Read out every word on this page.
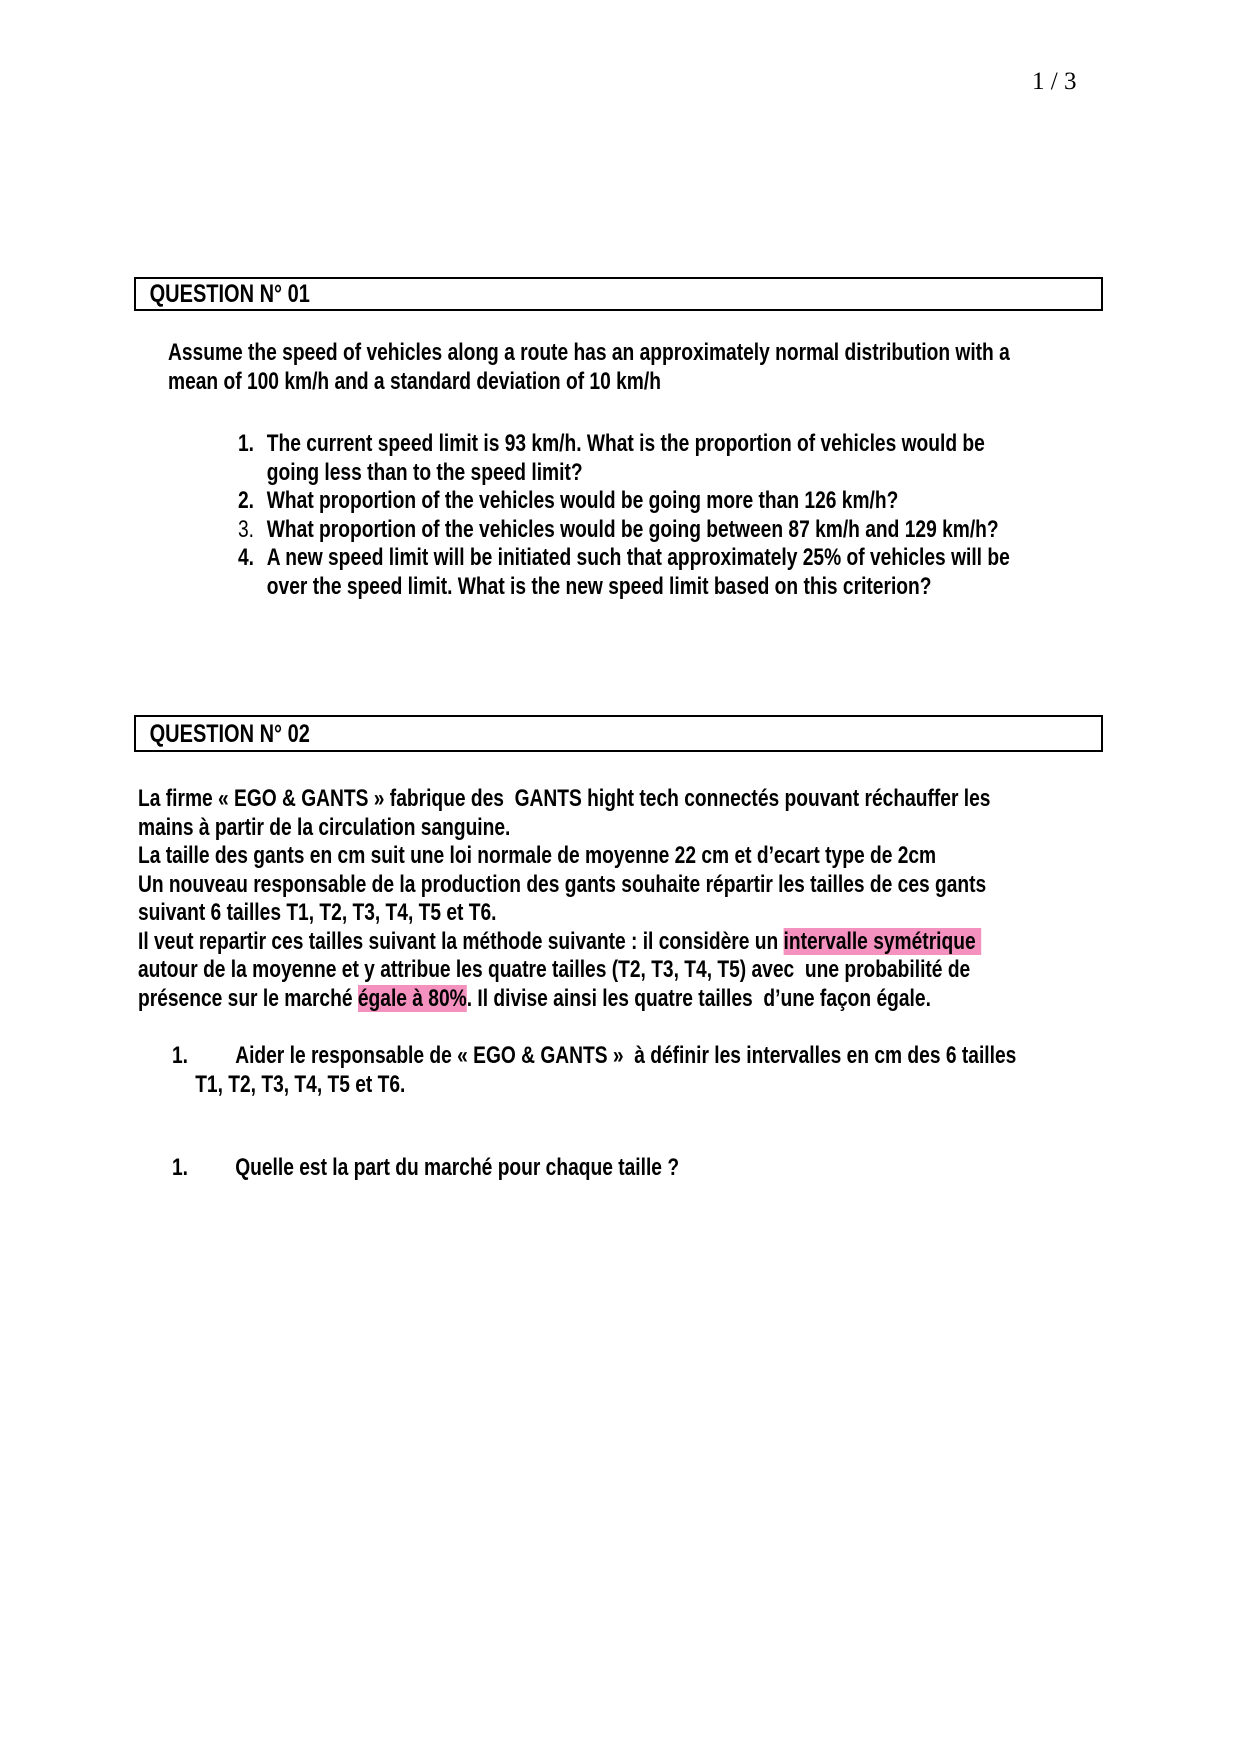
1 / 3
QUESTION N° 01
Assume the speed of vehicles along a route has an approximately normal distribution with a
mean of 100 km/h and a standard deviation of 10 km/h
1. The current speed limit is 93 km/h. What is the proportion of vehicles would be
going less than to the speed limit?
2. What proportion of the vehicles would be going more than 126 km/h?
3. What proportion of the vehicles would be going between 87 km/h and 129 km/h?
4. A new speed limit will be initiated such that approximately 25% of vehicles will be
over the speed limit. What is the new speed limit based on this criterion?
QUESTION N° 02
La firme « EGO & GANTS » fabrique des  GANTS hight tech connectés pouvant réchauffer les
mains à partir de la circulation sanguine.
La taille des gants en cm suit une loi normale de moyenne 22 cm et d’ecart type de 2cm
Un nouveau responsable de la production des gants souhaite répartir les tailles de ces gants
suivant 6 tailles T1, T2, T3, T4, T5 et T6.
Il veut repartir ces tailles suivant la méthode suivante : il considère un intervalle symétrique
autour de la moyenne et y attribue les quatre tailles (T2, T3, T4, T5) avec  une probabilité de
présence sur le marché égale à 80%. Il divise ainsi les quatre tailles  d’une façon égale.
1. Aider le responsable de « EGO & GANTS »  à définir les intervalles en cm des 6 tailles
T1, T2, T3, T4, T5 et T6.
1. Quelle est la part du marché pour chaque taille ?
